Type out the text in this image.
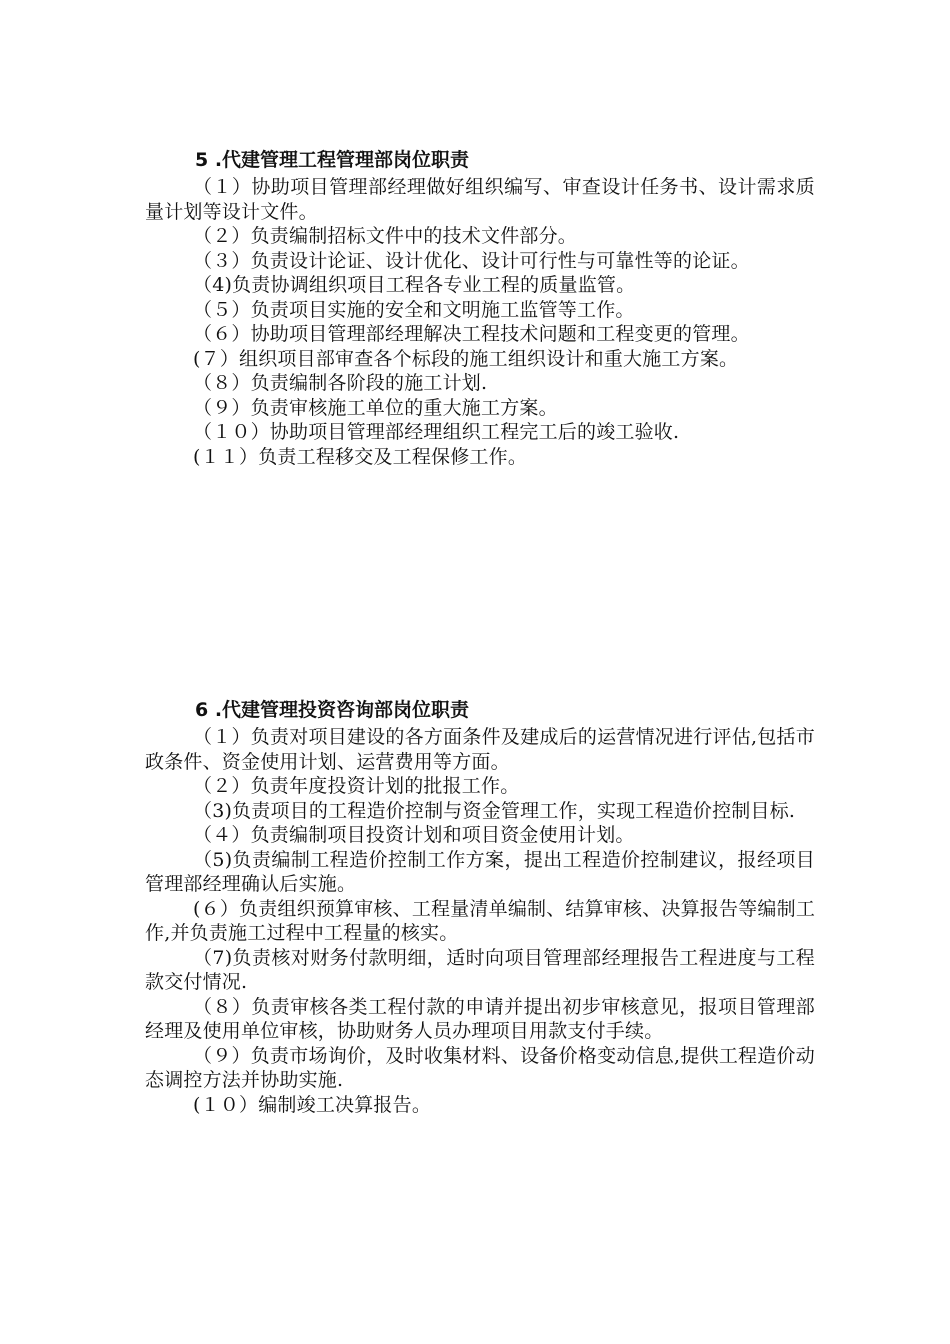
5 .代建管理工程管理部岗位职责

（１）协助项目管理部经理做好组织编写、审查设计任务书、设计需求质量计划等设计文件。

（２）负责编制招标文件中的技术文件部分。

（３）负责设计论证、设计优化、设计可行性与可靠性等的论证。

（4)负责协调组织项目工程各专业工程的质量监管。

（５）负责项目实施的安全和文明施工监管等工作。

（６）协助项目管理部经理解决工程技术问题和工程变更的管理。

(７）组织项目部审查各个标段的施工组织设计和重大施工方案。

（８）负责编制各阶段的施工计划.

（９）负责审核施工单位的重大施工方案。

（１０）协助项目管理部经理组织工程完工后的竣工验收.

(１１）负责工程移交及工程保修工作。

6 .代建管理投资咨询部岗位职责

（１）负责对项目建设的各方面条件及建成后的运营情况进行评估,包括市政条件、资金使用计划、运营费用等方面。

（２）负责年度投资计划的批报工作。

（3)负责项目的工程造价控制与资金管理工作，实现工程造价控制目标.

（４）负责编制项目投资计划和项目资金使用计划。

（5)负责编制工程造价控制工作方案，提出工程造价控制建议，报经项目管理部经理确认后实施。

(６）负责组织预算审核、工程量清单编制、结算审核、决算报告等编制工作,并负责施工过程中工程量的核实。

（7)负责核对财务付款明细，适时向项目管理部经理报告工程进度与工程款交付情况.

（８）负责审核各类工程付款的申请并提出初步审核意见，报项目管理部经理及使用单位审核，协助财务人员办理项目用款支付手续。

（９）负责市场询价，及时收集材料、设备价格变动信息,提供工程造价动态调控方法并协助实施.

(１０）编制竣工决算报告。
